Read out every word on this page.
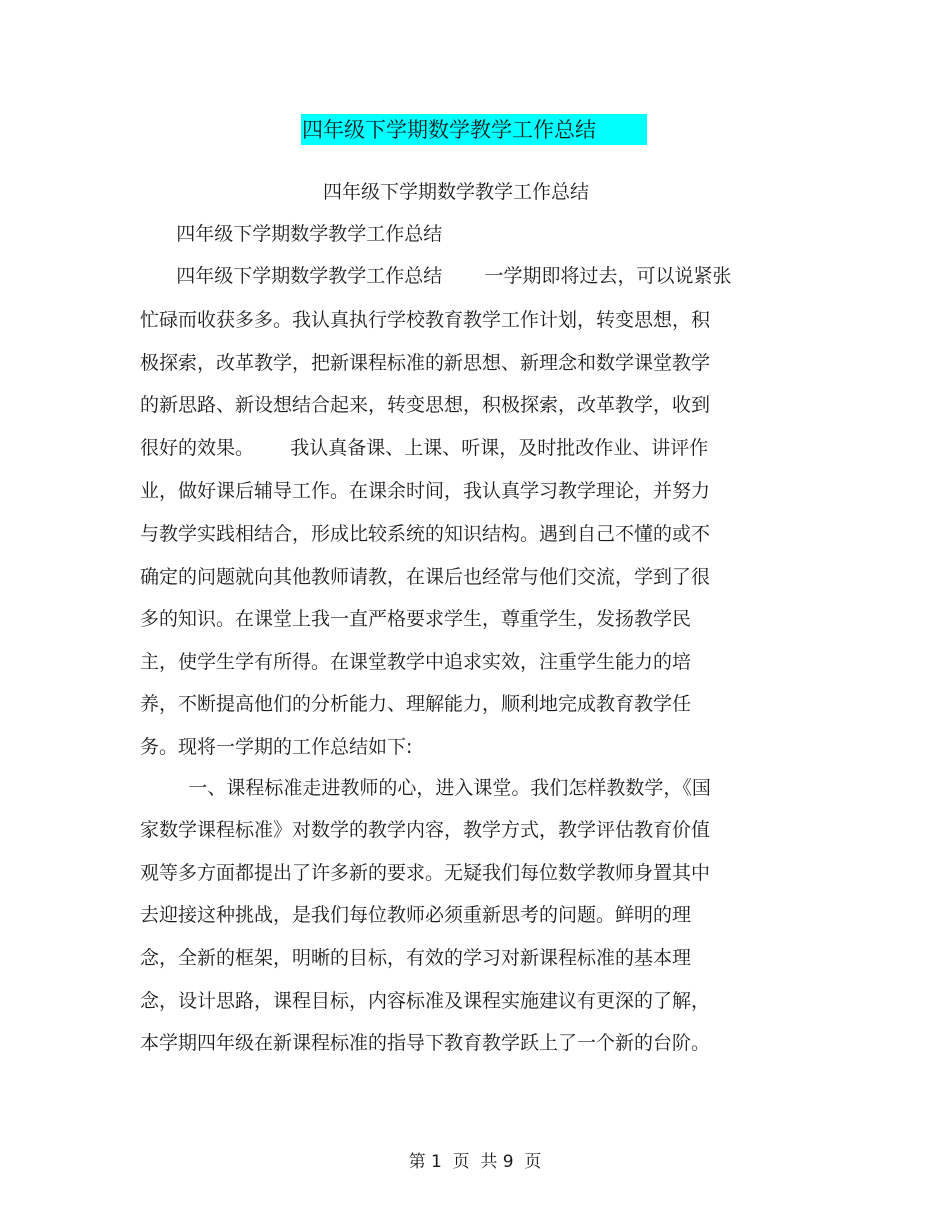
四年级下学期数学教学工作总结
四年级下学期数学教学工作总结
四年级下学期数学教学工作总结
四年级下学期数学教学工作总结       一学期即将过去，可以说紧张
忙碌而收获多多。我认真执行学校教育教学工作计划，转变思想，积
极探索，改革教学，把新课程标准的新思想、新理念和数学课堂教学
的新思路、新设想结合起来，转变思想，积极探索，改革教学，收到
很好的效果。      我认真备课、上课、听课，及时批改作业、讲评作
业，做好课后辅导工作。在课余时间，我认真学习教学理论，并努力
与教学实践相结合，形成比较系统的知识结构。遇到自己不懂的或不
确定的问题就向其他教师请教，在课后也经常与他们交流，学到了很
多的知识。在课堂上我一直严格要求学生，尊重学生，发扬教学民
主，使学生学有所得。在课堂教学中追求实效，注重学生能力的培
养，不断提高他们的分析能力、理解能力，顺利地完成教育教学任
务。现将一学期的工作总结如下:
一、课程标准走进教师的心，进入课堂。我们怎样教数学，《国
家数学课程标准》对数学的教学内容，教学方式，教学评估教育价值
观等多方面都提出了许多新的要求。无疑我们每位数学教师身置其中
去迎接这种挑战，是我们每位教师必须重新思考的问题。鲜明的理
念，全新的框架，明晰的目标，有效的学习对新课程标准的基本理
念，设计思路，课程目标，内容标准及课程实施建议有更深的了解，
本学期四年级在新课程标准的指导下教育教学跃上了一个新的台阶。
第 1  页  共 9  页
